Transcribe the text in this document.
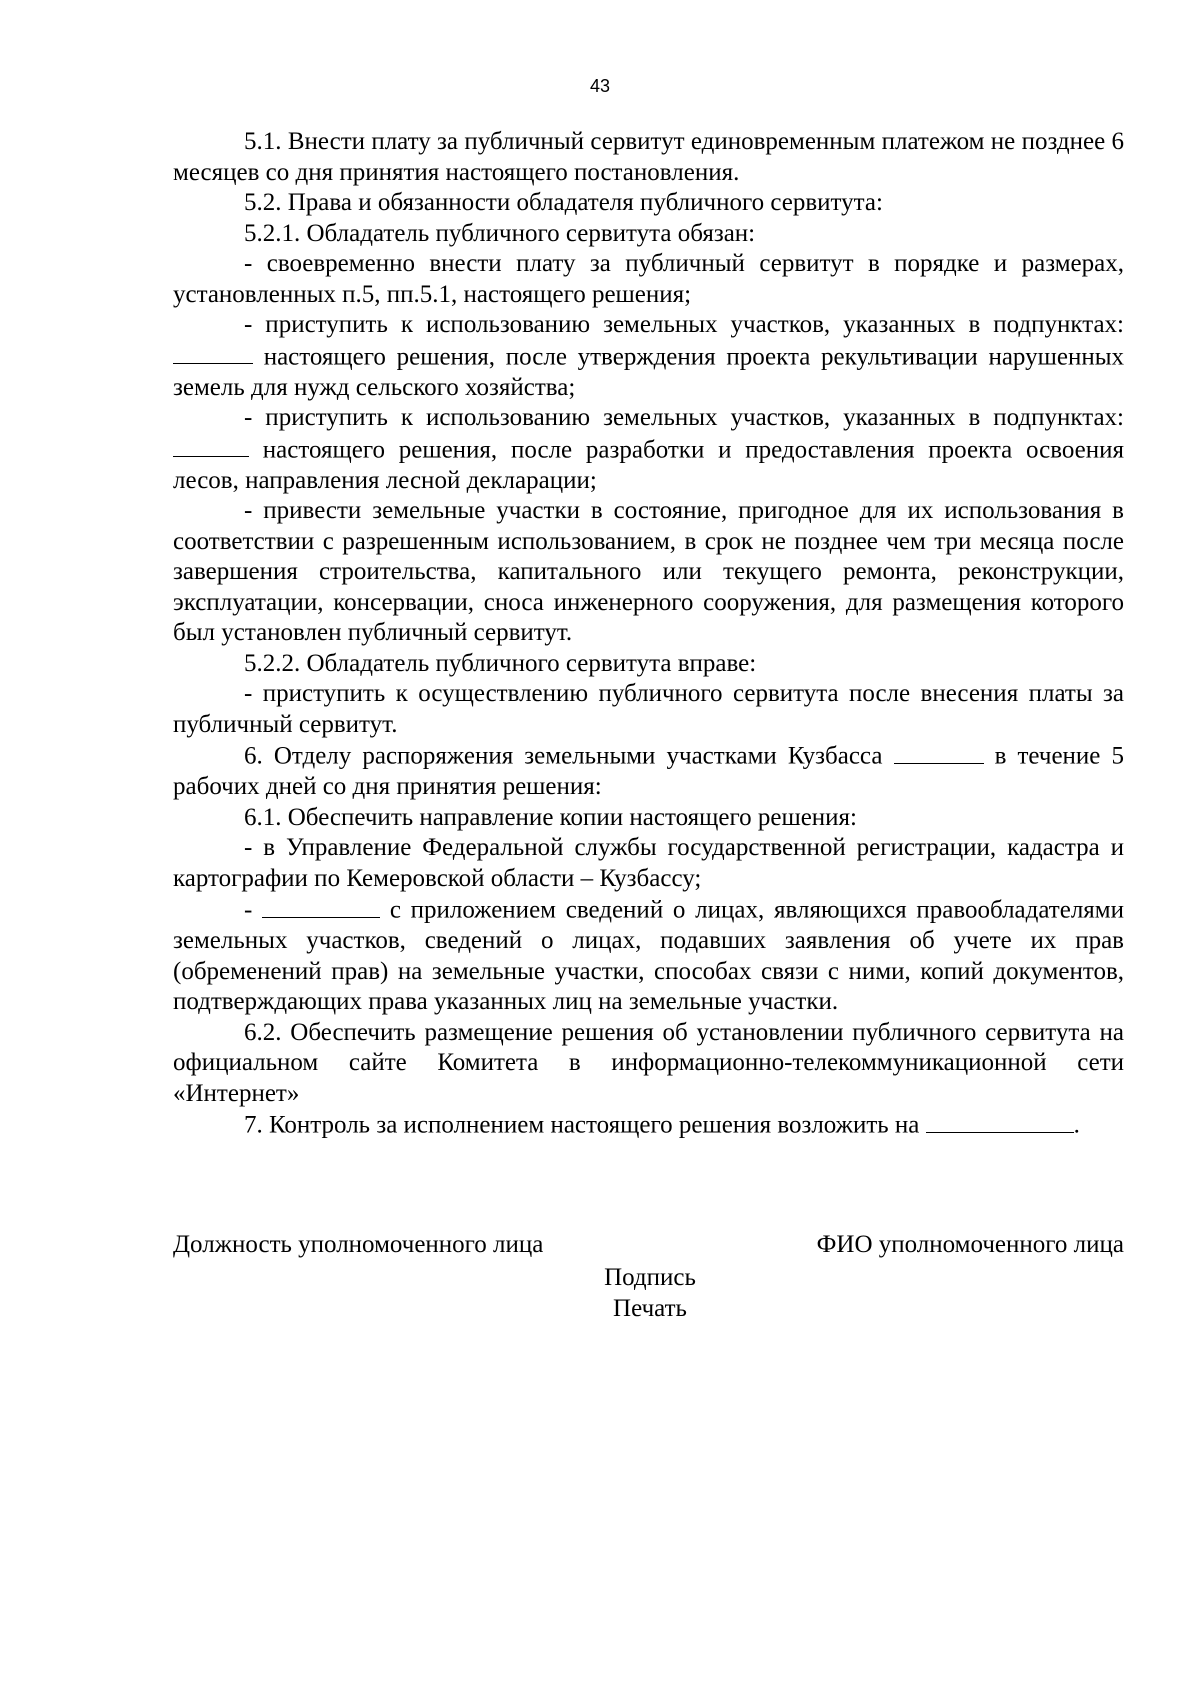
43

5.1. Внести плату за публичный сервитут единовременным платежом не позднее 6 месяцев со дня принятия настоящего постановления.

5.2. Права и обязанности обладателя публичного сервитута:

5.2.1. Обладатель публичного сервитута обязан:

- своевременно внести плату за публичный сервитут в порядке и размерах, установленных п.5, пп.5.1, настоящего решения;

- приступить к использованию земельных участков, указанных в подпунктах:  настоящего решения, после утверждения проекта рекультивации нарушенных земель для нужд сельского хозяйства;

- приступить к использованию земельных участков, указанных в подпунктах:  настоящего решения, после разработки и предоставления проекта освоения лесов, направления лесной декларации;

- привести земельные участки в состояние, пригодное для их использования в соответствии с разрешенным использованием, в срок не позднее чем три месяца после завершения строительства, капитального или текущего ремонта, реконструкции, эксплуатации, консервации, сноса инженерного сооружения, для размещения которого был установлен публичный сервитут.

5.2.2. Обладатель публичного сервитута вправе:

- приступить к осуществлению публичного сервитута после внесения платы за публичный сервитут.

6. Отделу распоряжения земельными участками Кузбасса	в течение 5 рабочих дней со дня принятия решения:

6.1. Обеспечить направление копии настоящего решения:

- в Управление Федеральной службы государственной регистрации, кадастра и картографии по Кемеровской области – Кузбассу;

-	с приложением сведений о лицах, являющихся правообладателями земельных участков, сведений о лицах, подавших заявления об учете их прав (обременений прав) на земельные участки, способах связи с ними, копий документов, подтверждающих права указанных лиц на земельные участки.

6.2. Обеспечить размещение решения об установлении публичного сервитута на официальном сайте Комитета в информационно-телекоммуникационной сети «Интернет»

7. Контроль за исполнением настоящего решения возложить на	.

Должность уполномоченного лица	ФИО уполномоченного лица
Подпись
Печать
